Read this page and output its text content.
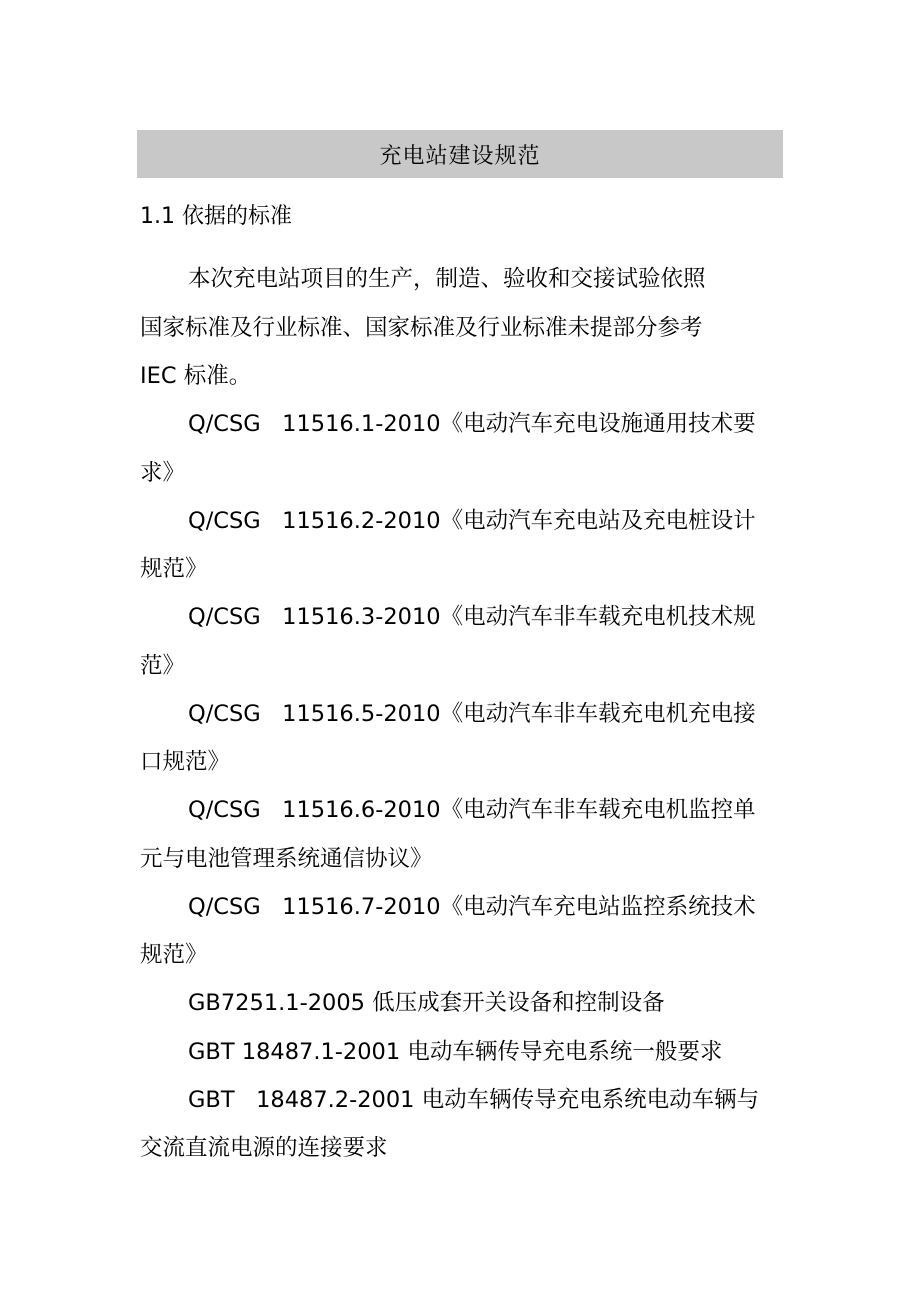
充电站建设规范
1.1 依据的标准
本次充电站项目的生产，制造、验收和交接试验依照
国家标准及行业标准、国家标准及行业标准未提部分参考
IEC 标准。
Q/CSG   11516.1-2010《电动汽车充电设施通用技术要
求》
Q/CSG   11516.2-2010《电动汽车充电站及充电桩设计
规范》
Q/CSG   11516.3-2010《电动汽车非车载充电机技术规
范》
Q/CSG   11516.5-2010《电动汽车非车载充电机充电接
口规范》
Q/CSG   11516.6-2010《电动汽车非车载充电机监控单
元与电池管理系统通信协议》
Q/CSG   11516.7-2010《电动汽车充电站监控系统技术
规范》
GB7251.1-2005 低压成套开关设备和控制设备
GBT 18487.1-2001 电动车辆传导充电系统一般要求
GBT   18487.2-2001 电动车辆传导充电系统电动车辆与
交流直流电源的连接要求
